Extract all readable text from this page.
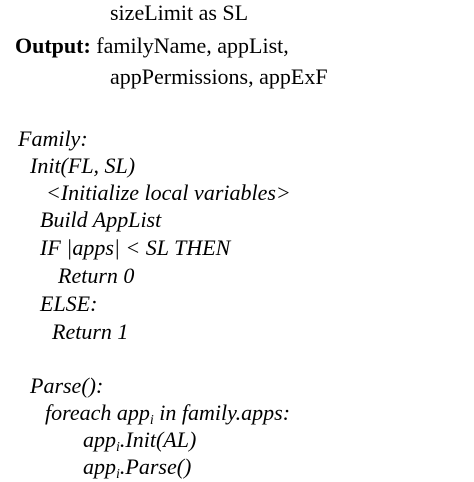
sizeLimit as SL
Output: familyName, appList,
appPermissions, appExF
Family:
Init(FL, SL)
<Initialize local variables>
Build AppList
IF |apps| < SL THEN
Return 0
ELSE:
Return 1
Parse():
foreach app$_i$ in family.apps:
app$_i$.Init(AL)
app$_i$.Parse()
